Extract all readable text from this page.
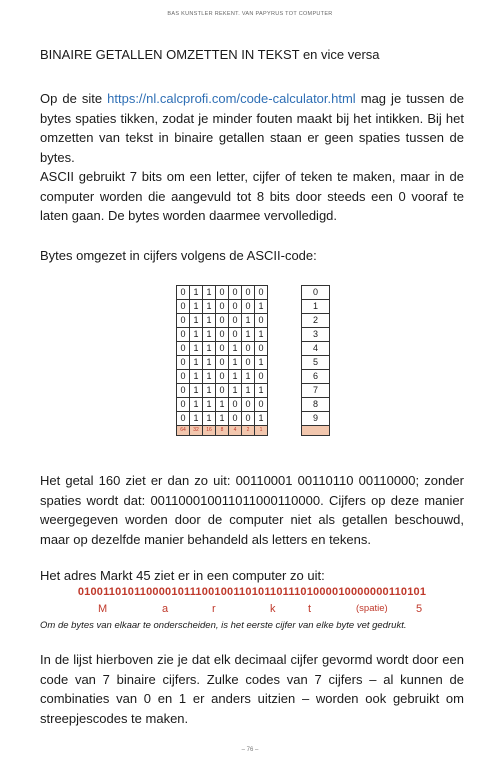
BAS KUNSTLER REKENT. VAN PAPYRUS TOT COMPUTER
BINAIRE GETALLEN OMZETTEN IN TEKST en vice versa
Op de site https://nl.calcprofi.com/code-calculator.html mag je tussen de bytes spaties tikken, zodat je minder fouten maakt bij het intikken. Bij het omzetten van tekst in binaire getallen staan er geen spaties tussen de bytes.
ASCII gebruikt 7 bits om een letter, cijfer of teken te maken, maar in de computer worden die aangevuld tot 8 bits door steeds een 0 vooraf te laten gaan. De bytes worden daarmee vervolledigd.
Bytes omgezet in cijfers volgens de ASCII-code:
0	1	1	0	0	0	0
0	1	1	0	0	0	1
0	1	1	0	0	1	0
0	1	1	0	0	1	1
0	1	1	0	1	0	0
0	1	1	0	1	0	1
0	1	1	0	1	1	0
0	1	1	0	1	1	1
0	1	1	1	0	0	0
0	1	1	1	0	0	1
64	32	16	8	4	2	1
0
1
2
3
4
5
6
7
8
9

Het getal 160 ziet er dan zo uit: 00110001 00110110 00110000; zonder spaties wordt dat: 001100010011011000110000. Cijfers op deze manier weergegeven worden door de computer niet als getallen beschouwd, maar op dezelfde manier behandeld als letters en tekens.
Het adres Markt 45 ziet er in een computer zo uit:
01001101011000010111001001101011011101000010000000110101
M	a	r	k	t	(spatie)	5
Om de bytes van elkaar te onderscheiden, is het eerste cijfer van elke byte vet gedrukt.
In de lijst hierboven zie je dat elk decimaal cijfer gevormd wordt door een code van 7 binaire cijfers. Zulke codes van 7 cijfers – al kunnen de combinaties van 0 en 1 er anders uitzien – worden ook gebruikt om streepjescodes te maken.
– 76 –
